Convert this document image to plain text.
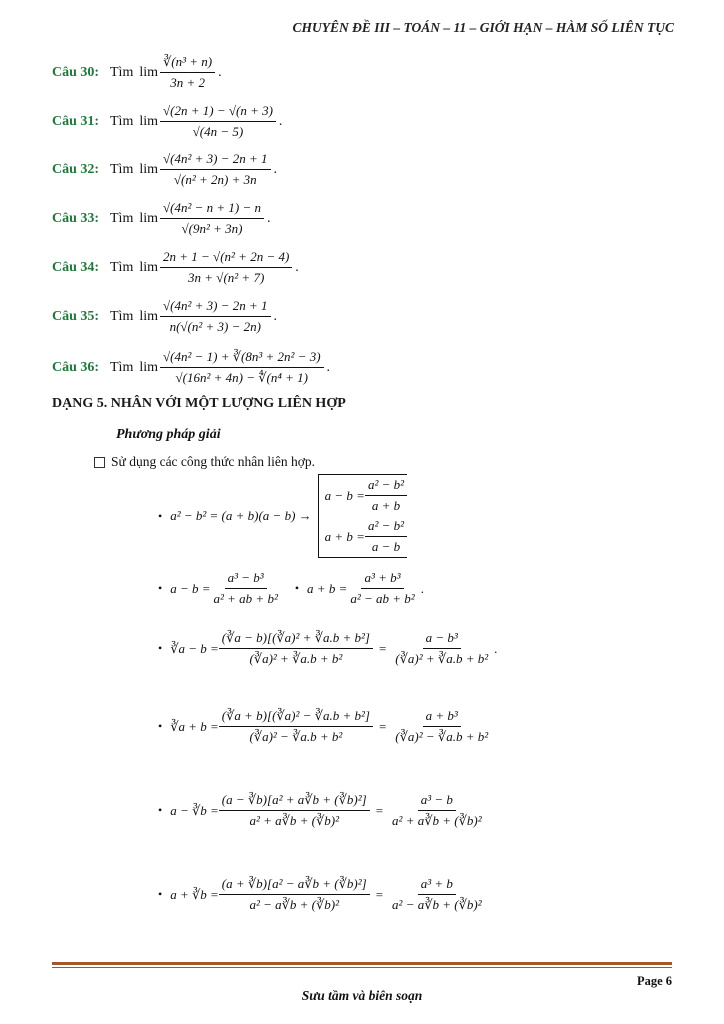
CHUYÊN ĐỀ III – TOÁN – 11 – GIỚI HẠN – HÀM SỐ LIÊN TỤC
Câu 30: Tìm $\lim \frac{\text{∛(n³ + n)}}{3n + 2}$ .
Câu 31: Tìm $\lim \frac{√(2n + 1) - √(n + 3)}{√(4n - 5)}$ .
Câu 32: Tìm $\lim \frac{\text{√(4n² + 3) − 2n + 1}}{\text{√(n² + 2n) + 3n}}$ .
Câu 33: Tìm $\lim \frac{\text{√(4n² − n + 1) − n}}{\text{√(9n² + 3n)}}$ .
Câu 34: Tìm $\lim \frac{\text{2n + 1 − √(n² + 2n − 4)}}{\text{3n + √(n² + 7)}}$ .
Câu 35: Tìm $\lim \frac{\text{√(4n² + 3) − 2n + 1}}{\text{n(√(n² + 3) − 2n)}}$ .
Câu 36: Tìm $\lim \frac{\text{√(4n² − 1) + ∛(8n³ + 2n² − 3)}}{\text{√(16n² + 4n) − ∜(n⁴ + 1)}}$ .
DẠNG 5. NHÂN VỚI MỘT LƯỢNG LIÊN HỢP
Phương pháp giải
Sử dụng các công thức nhân liên hợp.
• a² − b² = (a + b)(a − b) →
$a - b = \frac{\text{a² − b²}}{a + b}$
$a + b = \frac{\text{a² − b²}}{a - b}$
• $a - b = \frac{\text{a³ − b³}}{\text{a² + ab + b²}}$ • $a + b = \frac{\text{a³ + b³}}{\text{a² − ab + b²}}$ .
• ∛a − $b = \frac{\text{(∛a − b)[(∛a)² + ∛a.b + b²]}}{\text{(∛a)² + ∛a.b + b²}} = \frac{\text{a − b³}}{\text{(∛a)² + ∛a.b + b²}}$ .
• ∛a + $b = \frac{\text{(∛a + b)[(∛a)² − ∛a.b + b²]}}{\text{(∛a)² − ∛a.b + b²}} = \frac{\text{a + b³}}{\text{(∛a)² − ∛a.b + b²}}$
• a − ∛b = $\frac{\text{(a − ∛b)[a² + a∛b + (∛b)²]}}{\text{a² + a∛b + (∛b)²}} = \frac{\text{a³ − b}}{\text{a² + a∛b + (∛b)²}}$
• a + ∛b = $\frac{\text{(a + ∛b)[a² − a∛b + (∛b)²]}}{\text{a² − a∛b + (∛b)²}} = \frac{\text{a³ + b}}{\text{a² − a∛b + (∛b)²}}$
Page 6
Sưu tầm và biên soạn
